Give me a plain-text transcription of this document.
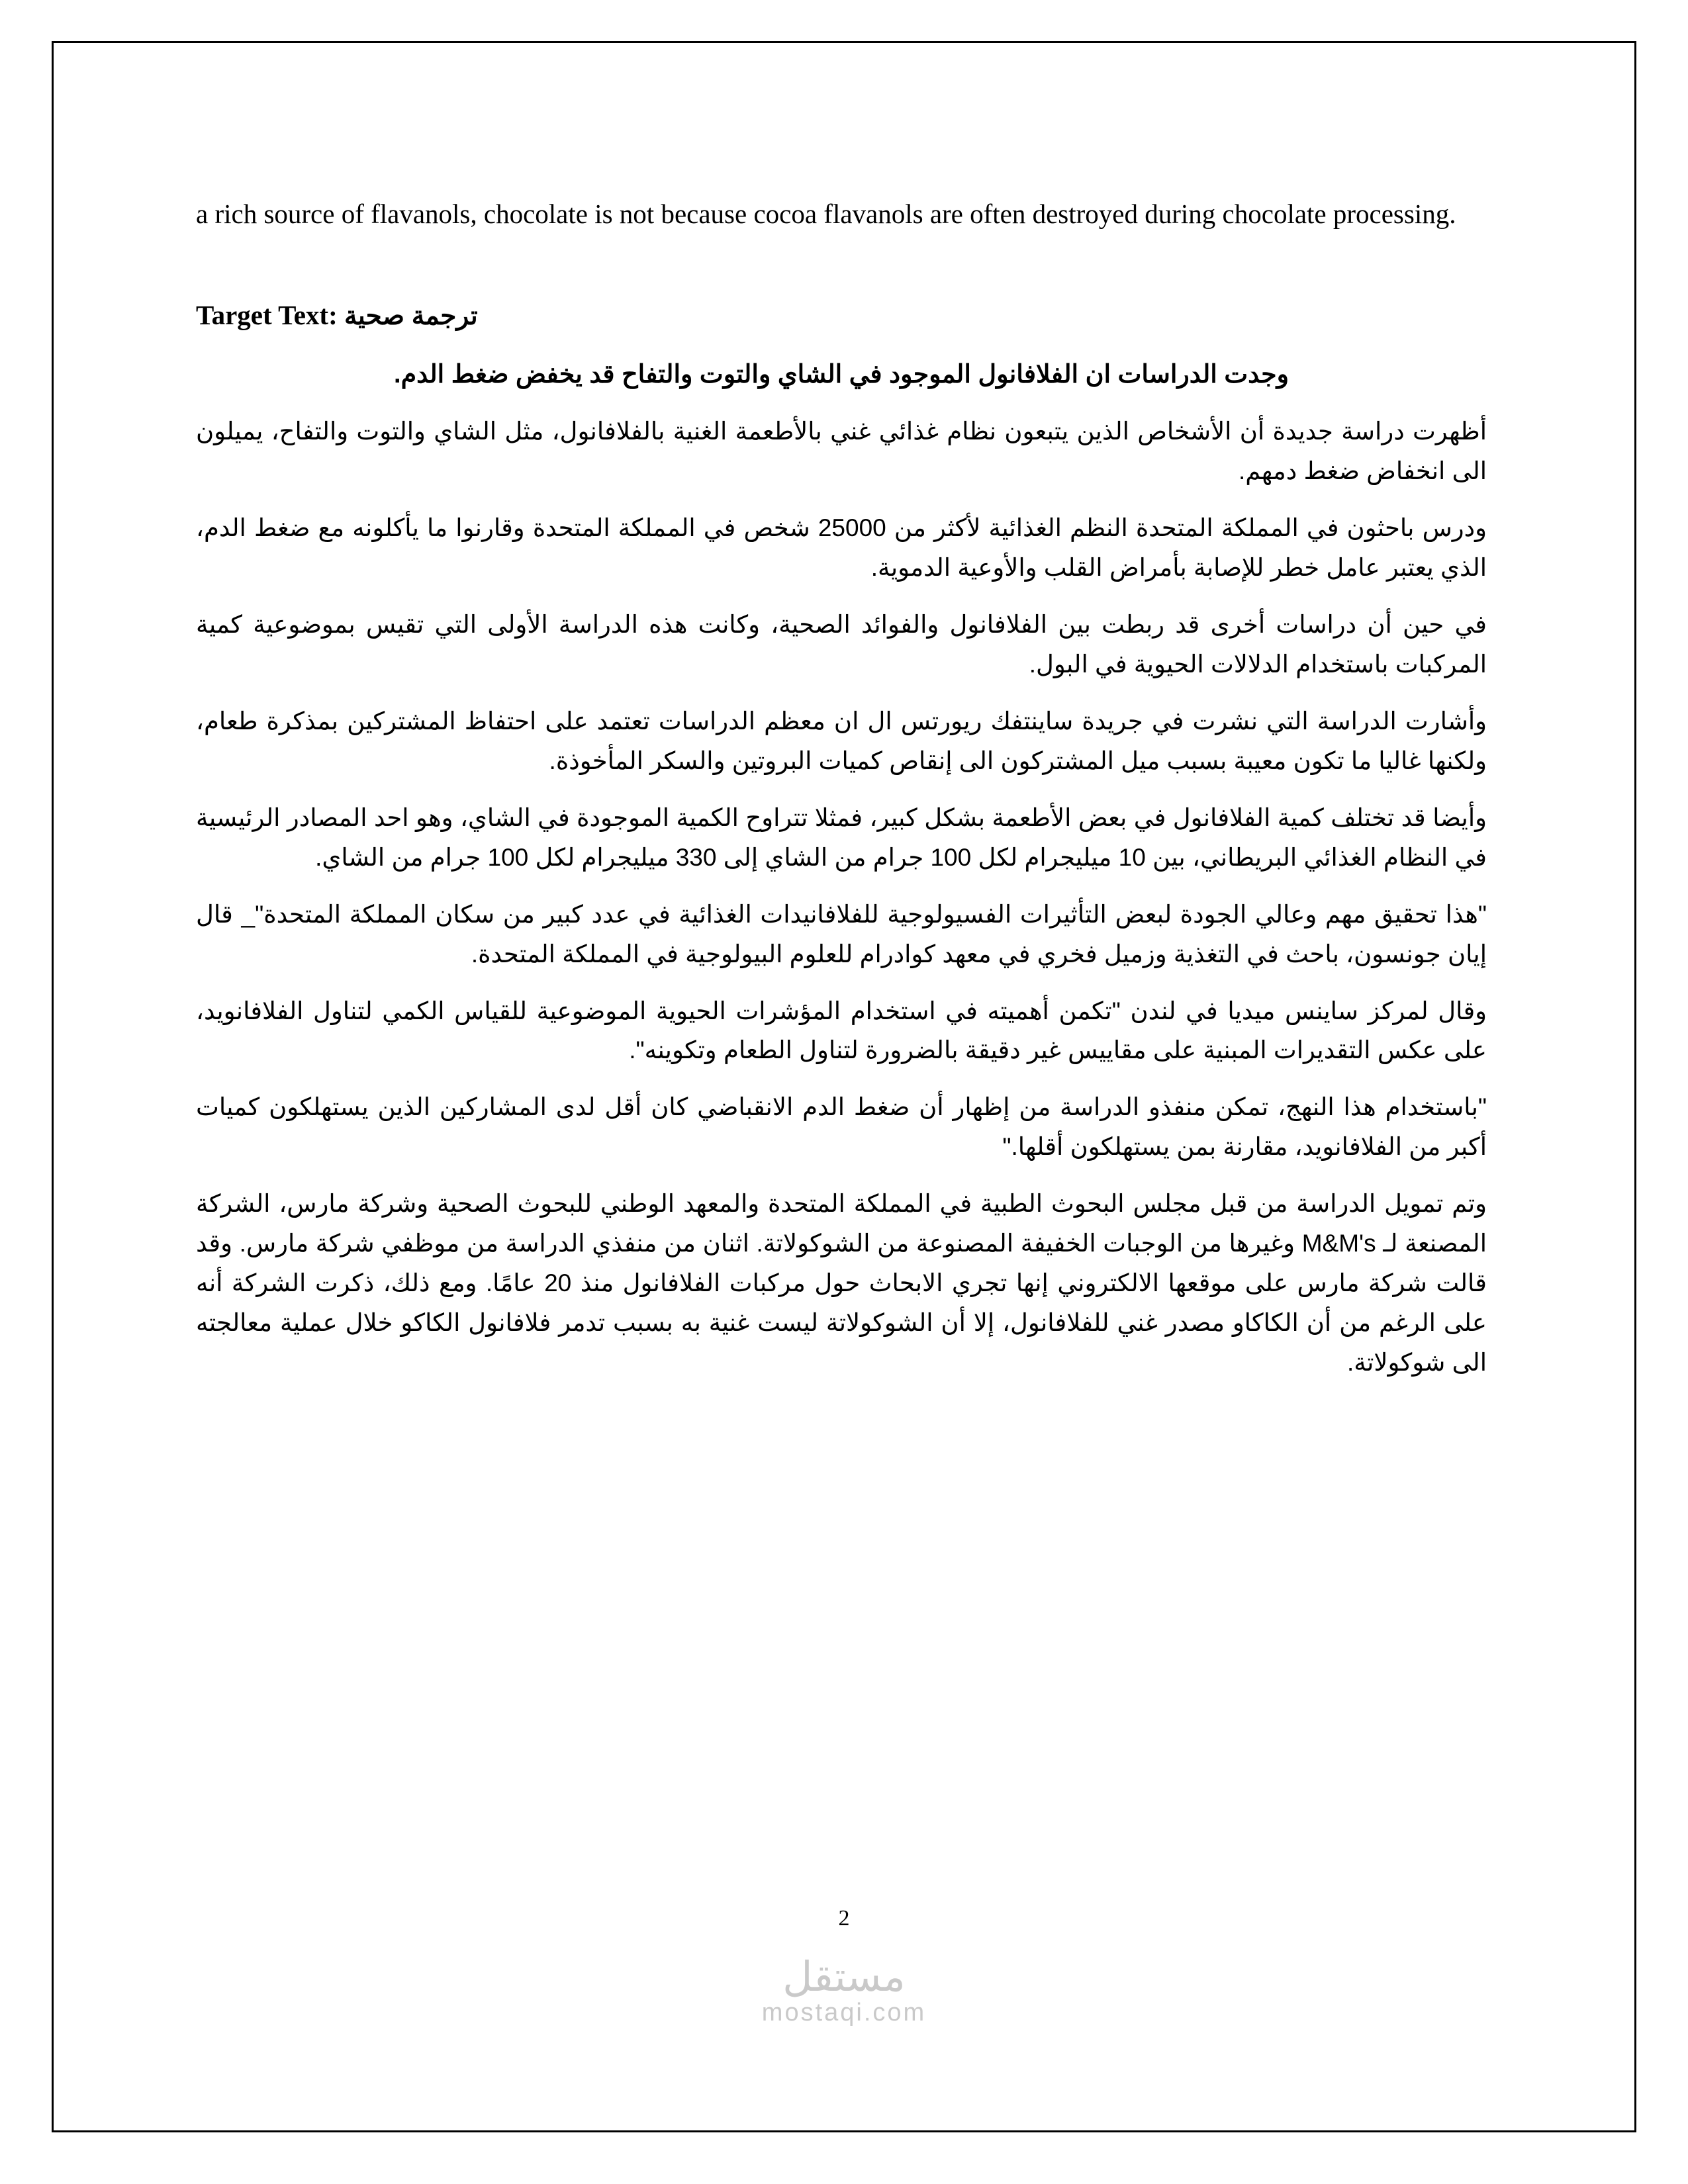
a rich source of flavanols, chocolate is not because cocoa flavanols are often destroyed during chocolate processing.

ترجمة صحية Target Text:

وجدت الدراسات ان الفلافانول الموجود في الشاي والتوت والتفاح قد يخفض ضغط الدم.

أظهرت دراسة جديدة أن الأشخاص الذين يتبعون نظام غذائي غني بالأطعمة الغنية بالفلافانول، مثل الشاي والتوت والتفاح، يميلون الى انخفاض ضغط دمهم.

ودرس باحثون في المملكة المتحدة النظم الغذائية لأكثر من 25000 شخص في المملكة المتحدة وقارنوا ما يأكلونه مع ضغط الدم، الذي يعتبر عامل خطر للإصابة بأمراض القلب والأوعية الدموية.

في حين أن دراسات أخرى قد ربطت بين الفلافانول والفوائد الصحية، وكانت هذه الدراسة الأولى التي تقيس بموضوعية كمية المركبات باستخدام الدلالات الحيوية في البول.

وأشارت الدراسة التي نشرت في جريدة ساينتفك ريورتس ال ان معظم الدراسات تعتمد على احتفاظ المشتركين بمذكرة طعام، ولكنها غاليا ما تكون معيبة بسبب ميل المشتركون الى إنقاص كميات البروتين والسكر المأخوذة.

وأيضا قد تختلف كمية الفلافانول في بعض الأطعمة بشكل كبير، فمثلا تتراوح الكمية الموجودة في الشاي، وهو احد المصادر الرئيسية في النظام الغذائي البريطاني، بين 10 ميليجرام لكل 100 جرام من الشاي إلى 330 ميليجرام لكل 100 جرام من الشاي.

"هذا تحقيق مهم وعالي الجودة لبعض التأثيرات الفسيولوجية للفلافانيدات الغذائية في عدد كبير من سكان المملكة المتحدة"_ قال إيان جونسون، باحث في التغذية وزميل فخري في معهد كوادرام للعلوم البيولوجية في المملكة المتحدة.

وقال لمركز ساينس ميديا في لندن "تكمن أهميته في استخدام المؤشرات الحيوية الموضوعية للقياس الكمي لتناول الفلافانويد، على عكس التقديرات المبنية على مقاييس غير دقيقة بالضرورة لتناول الطعام وتكوينه".

"باستخدام هذا النهج، تمكن منفذو الدراسة من إظهار أن ضغط الدم الانقباضي كان أقل لدى المشاركين الذين يستهلكون كميات أكبر من الفلافانويد، مقارنة بمن يستهلكون أقلها."

وتم تمويل الدراسة من قبل مجلس البحوث الطبية في المملكة المتحدة والمعهد الوطني للبحوث الصحية وشركة مارس، الشركة المصنعة لـ M&M's وغيرها من الوجبات الخفيفة المصنوعة من الشوكولاتة. اثنان من منفذي الدراسة من موظفي شركة مارس. وقد قالت شركة مارس على موقعها الالكتروني إنها تجري الابحاث حول مركبات الفلافانول منذ 20 عامًا. ومع ذلك، ذكرت الشركة أنه على الرغم من أن الكاكاو مصدر غني للفلافانول، إلا أن الشوكولاتة ليست غنية به بسبب تدمر فلافانول الكاكو خلال عملية معالجته الى شوكولاتة.

2
مستقل
mostaqi.com
